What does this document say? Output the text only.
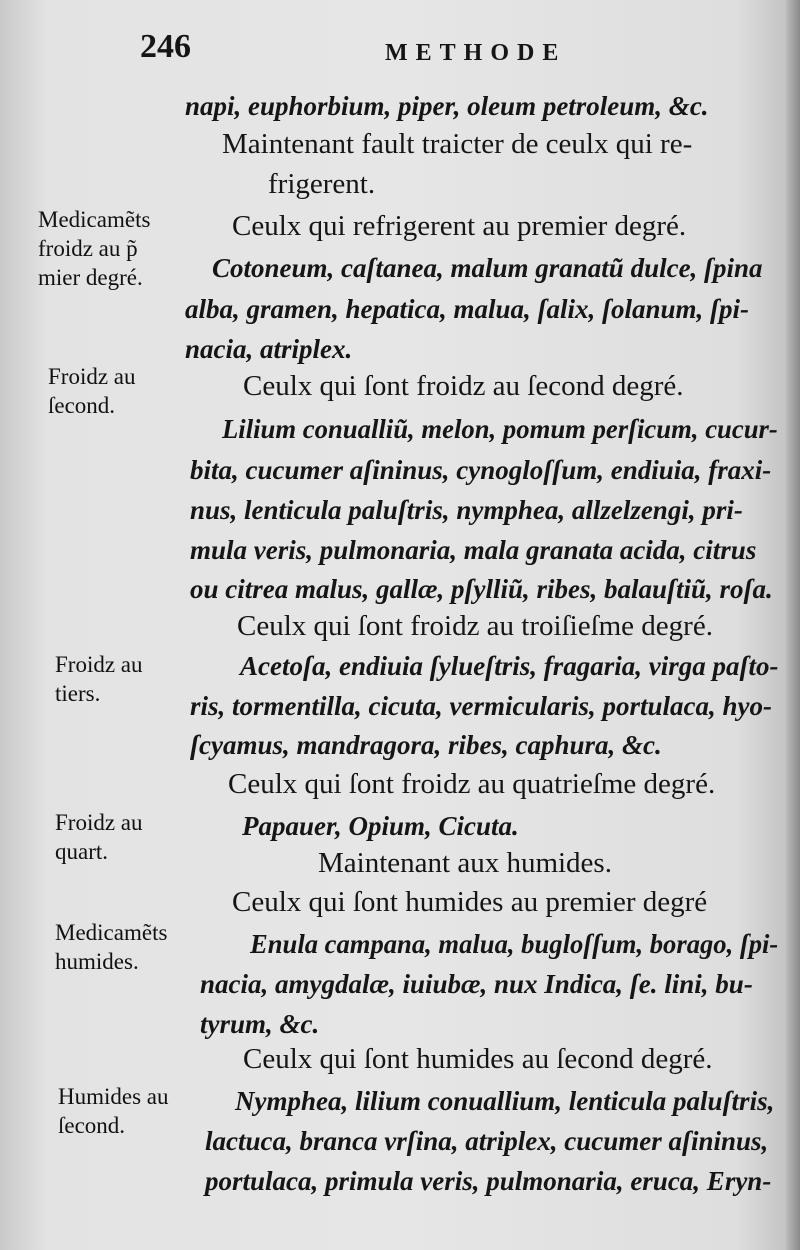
246	METHODE
Medicamẽts froidz au p̃ mier degré.
Froidz au ſecond.
Froidz au tiers.
Froidz au quart.
Medicamẽts humides.
Humides au ſecond.
napi, euphorbium, piper, oleum petroleum, &c.
Maintenant fault traicter de ceulx qui re-
frigerent.
Ceulx qui refrigerent au premier degré.
Cotoneum, caſtanea, malum granatũ dulce, ſpina
alba, gramen, hepatica, malua, ſalix, ſolanum, ſpi-
nacia, atriplex.
Ceulx qui ſont froidz au ſecond degré.
Lilium conualliũ, melon, pomum perſicum, cucur-
bita, cucumer aſininus, cynogloſſum, endiuia, fraxi-
nus, lenticula paluſtris, nymphea, allzelzengi, pri-
mula veris, pulmonaria, mala granata acida, citrus
ou citrea malus, gallæ, pſylliũ, ribes, balauſtiũ, roſa.
Ceulx qui ſont froidz au troiſieſme degré.
Acetoſa, endiuia ſylueſtris, fragaria, virga paſto-
ris, tormentilla, cicuta, vermicularis, portulaca, hyo-
ſcyamus, mandragora, ribes, caphura, &c.
Ceulx qui ſont froidz au quatrieſme degré.
Papauer, Opium, Cicuta.
Maintenant aux humides.
Ceulx qui ſont humides au premier degré
Enula campana, malua, bugloſſum, borago, ſpi-
nacia, amygdalæ, iuiubæ, nux Indica, ſe. lini, bu-
tyrum, &c.
Ceulx qui ſont humides au ſecond degré.
Nymphea, lilium conuallium, lenticula paluſtris,
lactuca, branca vrſina, atriplex, cucumer aſininus,
portulaca, primula veris, pulmonaria, eruca, Eryn-
